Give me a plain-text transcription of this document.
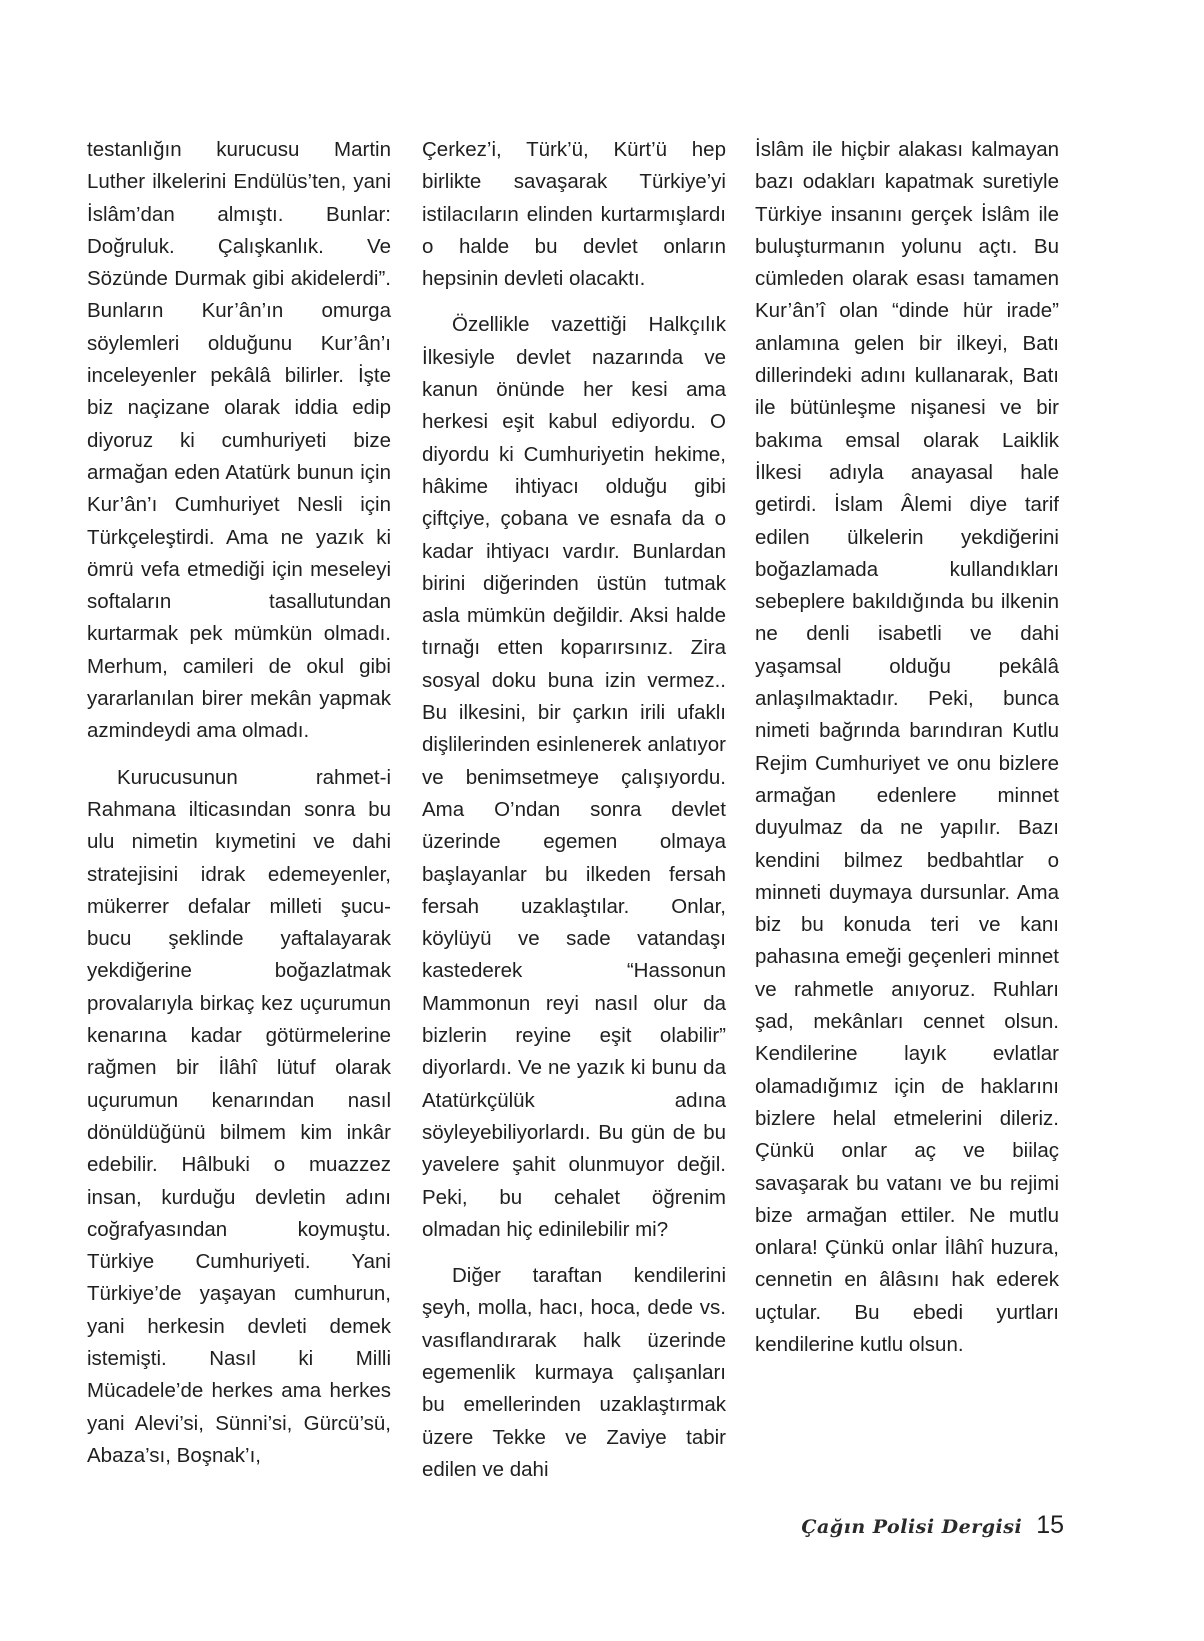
testanlığın kurucusu Martin Luther ilkelerini Endülüs’ten, yani İslâm’dan almıştı. Bunlar: Doğruluk. Çalışkanlık. Ve Sözünde Durmak gibi akidelerdi”. Bunların Kur’ân’ın omurga söylemleri olduğunu Kur’ân’ı inceleyenler pekâlâ bilirler. İşte biz naçizane olarak iddia edip diyoruz ki cumhuriyeti bize armağan eden Atatürk bunun için Kur’ân’ı Cumhuriyet Nesli için Türkçeleştirdi. Ama ne yazık ki ömrü vefa etmediği için meseleyi softaların tasallutundan kurtarmak pek mümkün olmadı. Merhum, camileri de okul gibi yararlanılan birer mekân yapmak azmindeydi ama olmadı.

Kurucusunun rahmet-i Rahmana ilticasından sonra bu ulu nimetin kıymetini ve dahi stratejisini idrak edemeyenler, mükerrer defalar milleti şucu-bucu şeklinde yaftalayarak yekdiğerine boğazlatmak provalarıyla birkaç kez uçurumun kenarına kadar götürmelerine rağmen bir İlâhî lütuf olarak uçurumun kenarından nasıl dönüldüğünü bilmem kim inkâr edebilir. Hâlbuki o muazzez insan, kurduğu devletin adını coğrafyasından koymuştu. Türkiye Cumhuriyeti. Yani Türkiye’de yaşayan cumhurun, yani herkesin devleti demek istemişti. Nasıl ki Milli Mücadele’de herkes ama herkes yani Alevi’si, Sünni’si, Gürcü’sü, Abaza’sı, Boşnak’ı,

Çerkez’i, Türk’ü, Kürt’ü hep birlikte savaşarak Türkiye’yi istilacıların elinden kurtarmışlardı o halde bu devlet onların hepsinin devleti olacaktı.

Özellikle vazettiği Halkçılık İlkesiyle devlet nazarında ve kanun önünde her kesi ama herkesi eşit kabul ediyordu. O diyordu ki Cumhuriyetin hekime, hâkime ihtiyacı olduğu gibi çiftçiye, çobana ve esnafa da o kadar ihtiyacı vardır. Bunlardan birini diğerinden üstün tutmak asla mümkün değildir. Aksi halde tırnağı etten koparırsınız. Zira sosyal doku buna izin vermez.. Bu ilkesini, bir çarkın irili ufaklı dişlilerinden esinlenerek anlatıyor ve benimsetmeye çalışıyordu. Ama O’ndan sonra devlet üzerinde egemen olmaya başlayanlar bu ilkeden fersah fersah uzaklaştılar. Onlar, köylüyü ve sade vatandaşı kastederek “Hassonun Mammonun reyi nasıl olur da bizlerin reyine eşit olabilir” diyorlardı. Ve ne yazık ki bunu da Atatürkçülük adına söyleyebiliyorlardı. Bu gün de bu yavelere şahit olunmuyor değil. Peki, bu cehalet öğrenim olmadan hiç edinilebilir mi?

Diğer taraftan kendilerini şeyh, molla, hacı, hoca, dede vs. vasıflandırarak halk üzerinde egemenlik kurmaya çalışanları bu emellerinden uzaklaştırmak üzere Tekke ve Zaviye tabir edilen ve dahi

İslâm ile hiçbir alakası kalmayan bazı odakları kapatmak suretiyle Türkiye insanını gerçek İslâm ile buluşturmanın yolunu açtı. Bu cümleden olarak esası tamamen Kur’ân’î olan “dinde hür irade” anlamına gelen bir ilkeyi, Batı dillerindeki adını kullanarak, Batı ile bütünleşme nişanesi ve bir bakıma emsal olarak Laiklik İlkesi adıyla anayasal hale getirdi. İslam Âlemi diye tarif edilen ülkelerin yekdiğerini boğazlamada kullandıkları sebeplere bakıldığında bu ilkenin ne denli isabetli ve dahi yaşamsal olduğu pekâlâ anlaşılmaktadır. Peki, bunca nimeti bağrında barındıran Kutlu Rejim Cumhuriyet ve onu bizlere armağan edenlere minnet duyulmaz da ne yapılır. Bazı kendini bilmez bedbahtlar o minneti duymaya dursunlar. Ama biz bu konuda teri ve kanı pahasına emeği geçenleri minnet ve rahmetle anıyoruz. Ruhları şad, mekânları cennet olsun. Kendilerine layık evlatlar olamadığımız için de haklarını bizlere helal etmelerini dileriz. Çünkü onlar aç ve biilaç savaşarak bu vatanı ve bu rejimi bize armağan ettiler. Ne mutlu onlara! Çünkü onlar İlâhî huzura, cennetin en âlâsını hak ederek uçtular. Bu ebedi yurtları kendilerine kutlu olsun.

Çağın Polisi Dergisi 15
